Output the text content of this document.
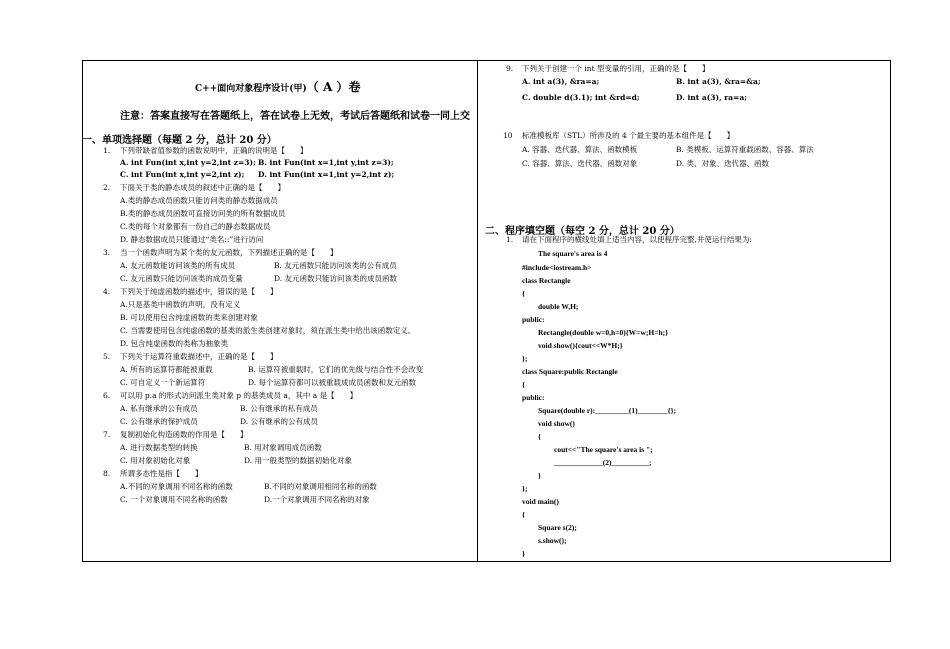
C++面向对象程序设计(甲)（ A ）卷
注意：答案直接写在答题纸上，答在试卷上无效，考试后答题纸和试卷一同上交
一、单项选择题（每题 2 分，总计 20 分）
1. 下列带缺省值参数的函数说明中，正确的说明是【　　】
A. int Fun(int x,int y=2,int z=3); B. int Fun(int x=1,int y,int z=3);
C. int Fun(int x,int y=2,int z); D. int Fun(int x=1,int y=2,int z);
2. 下面关于类的静态成员的叙述中正确的是【　　】
A.类的静态成员函数只能访问类的静态数据成员
B.类的静态成员函数可直接访问类的所有数据成员
C.类的每个对象都有一份自己的静态数据成员
D. 静态数据成员只能通过“类名::”进行访问
3. 当一个函数声明为某个类的友元函数，下列描述正确的是【　　】
A. 友元函数能访问该类的所有成员	B. 友元函数只能访问该类的公有成员
C. 友元函数只能访问该类的成员变量	D. 友元函数只能访问该类的成员函数
4. 下列关于纯虚函数的描述中，错误的是【　　】
A.只是基类中函数的声明，没有定义
B. 可以使用包含纯虚函数的类来创建对象
C. 当需要使用包含纯虚函数的基类的派生类创建对象时，须在派生类中给出该函数定义。
D. 包含纯虚函数的类称为抽象类
5. 下列关于运算符重载描述中，正确的是【　　】
A. 所有的运算符都能被重载	B. 运算符被重载时，它们的优先级与结合性不会改变
C. 可自定义一个新运算符	D. 每个运算符都可以被重载成成员函数和友元函数
6. 可以用 p.a 的形式访问派生类对象 p 的基类成员 a，其中 a 是【　　】
A. 私有继承的公有成员	B. 公有继承的私有成员
C. 公有继承的保护成员	D. 公有继承的公有成员
7. 复制初始化构造函数的作用是【　　】
A. 进行数据类型的转换	B. 用对象调用成员函数
C. 用对象初始化对象	D. 用一般类型的数据初始化对象
8. 所谓多态性是指【　　】
A.不同的对象调用不同名称的函数	B.不同的对象调用相同名称的函数
C. 一个对象调用不同名称的函数	D.一个对象调用不同名称的对象
9. 下列关于创建一个 int 型变量的引用，正确的是【　　】
A. int a(3), &ra=a;	B. int a(3), &ra=&a;
C. double d(3.1); int &rd=d;	D. int a(3), ra=a;
10 标准模板库（STL）所涉及的 4 个最主要的基本组件是【　　】
A. 容器、迭代器、算法、函数模板	B. 类模板、运算符重载函数、容器、算法
C. 容器、算法、迭代器、函数对象	D. 类、对象、迭代器、函数
二、程序填空题（每空 2 分，总计 20 分）
1. 请在下面程序的横线处填上适当内容，以使程序完整,并使运行结果为:
The square's area is 4
#include<iostream.h>
class Rectangle
{
double W,H;
public:
Rectangle(double w=0,h=0){W=w;H=h;}
void show(){cout<<W*H;}
};
class Square:public Rectangle
{
public:
Square(double r):_________(1)________{};
void show()
{
cout<<"The square's area is ";
_____________(2)__________;
}
};
void main()
{
Square s(2);
s.show();
}
